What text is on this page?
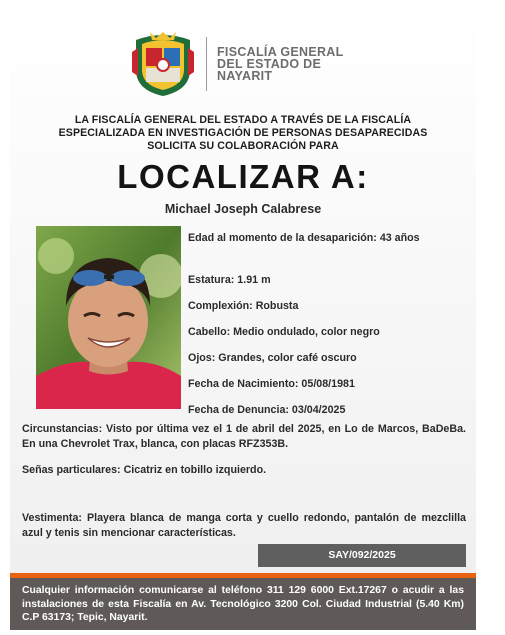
FISCALÍA GENERAL
DEL ESTADO DE
NAYARIT
LA FISCALÍA GENERAL DEL ESTADO A TRAVÉS DE LA FISCALÍA
ESPECIALIZADA EN INVESTIGACIÓN DE PERSONAS DESAPARECIDAS
SOLICITA SU COLABORACIÓN PARA
LOCALIZAR A:
Michael Joseph Calabrese
Edad al momento de la desaparición: 43 años
Estatura: 1.91 m
Complexión: Robusta
Cabello: Medio ondulado, color negro
Ojos: Grandes, color café oscuro
Fecha de Nacimiento: 05/08/1981
Fecha de Denuncia: 03/04/2025
Circunstancias: Visto por última vez el 1 de abril del 2025, en Lo de Marcos, BaDeBa. En una Chevrolet Trax, blanca, con placas RFZ353B.
Señas particulares: Cicatriz en tobillo izquierdo.
Vestimenta: Playera blanca de manga corta y cuello redondo, pantalón de mezclilla azul y tenis sin mencionar características.
SAY/092/2025
Cualquier información comunicarse al teléfono 311 129 6000 Ext.17267 o acudir a las instalaciones de esta Fiscalía en Av. Tecnológico 3200 Col. Ciudad Industrial (5.40 Km) C.P 63173; Tepic, Nayarit.
